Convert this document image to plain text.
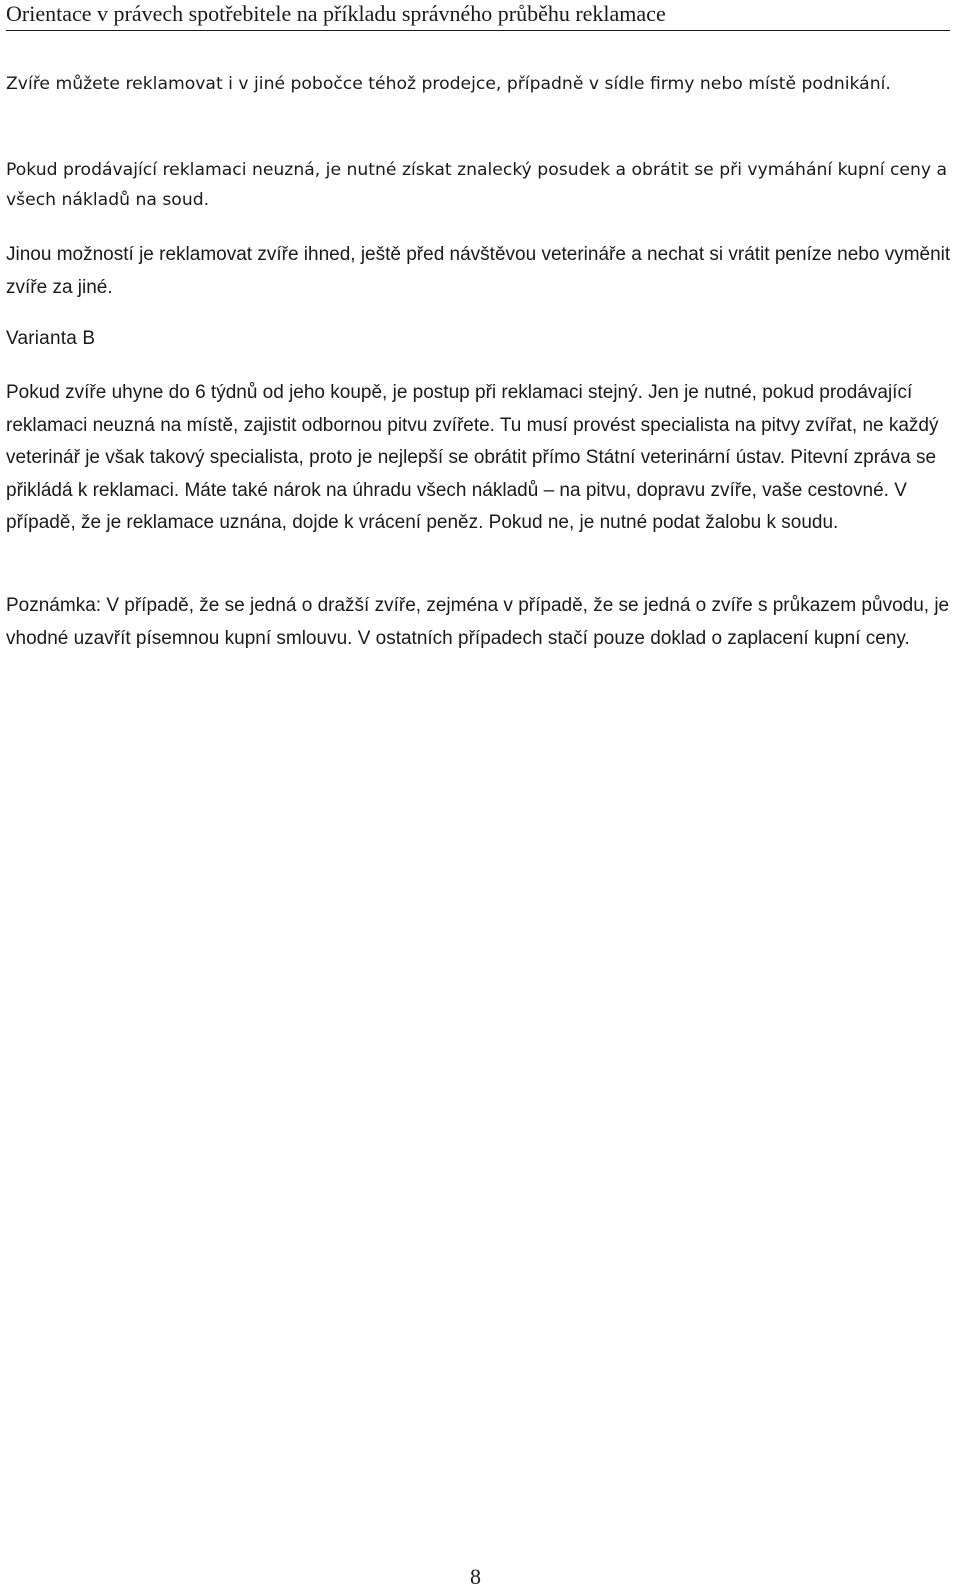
Orientace v právech spotřebitele na příkladu správného průběhu reklamace

Zvíře můžete reklamovat i v jiné pobočce téhož prodejce, případně v sídle firmy nebo místě podnikání.

Pokud prodávající reklamaci neuzná, je nutné získat znalecký posudek a obrátit se při vymáhání kupní ceny a všech nákladů na soud.

Jinou možností je reklamovat zvíře ihned, ještě před návštěvou veterináře a nechat si vrátit peníze nebo vyměnit zvíře za jiné.

Varianta B

Pokud zvíře uhyne do 6 týdnů od jeho koupě, je postup při reklamaci stejný. Jen je nutné, pokud prodávající reklamaci neuzná na místě, zajistit odbornou pitvu zvířete. Tu musí provést specialista na pitvy zvířat, ne každý veterinář je však takový specialista, proto je nejlepší se obrátit přímo Státní veterinární ústav. Pitevní zpráva se přikládá k reklamaci. Máte také nárok na úhradu všech nákladů – na pitvu, dopravu zvíře, vaše cestovné. V případě, že je reklamace uznána, dojde k vrácení peněz. Pokud ne, je nutné podat žalobu k soudu.

Poznámka: V případě, že se jedná o dražší zvíře, zejména v případě, že se jedná o zvíře s průkazem původu, je vhodné uzavřít písemnou kupní smlouvu. V ostatních případech stačí pouze doklad o zaplacení kupní ceny.

8
